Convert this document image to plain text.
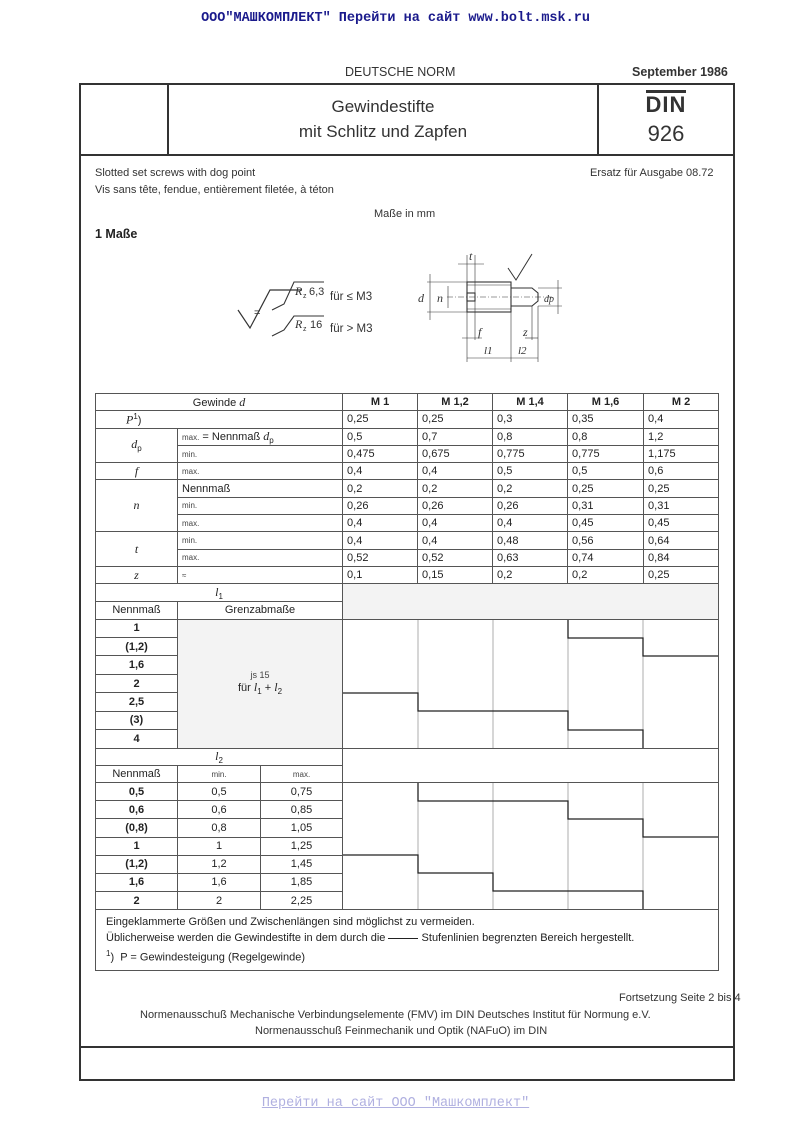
ООО"МАШКОМПЛЕКТ" Перейти на сайт www.bolt.msk.ru
DEUTSCHE NORM	September 1986
Gewindestifte
mit Schlitz und Zapfen
DIN
926
Slotted set screws with dog point
Vis sans tête, fendue, entièrement filetée, à téton
Ersatz für Ausgabe 08.72
Maße in mm
1 Maße
=
R z 6,3 für ≤ M3
R z 16 für > M3
t
d n	dp
f	z
l1 l2
Gewinde d			M 1	M 1,2	M 1,4	M 1,6	M 2
$P^1$)			0,25	0,25	0,3	0,35	0,4
$d_p$	max. = Nennmaß $d_p$		0,5	0,7	0,8	0,8	1,2
	min.		0,475	0,675	0,775	0,775	1,175
f	max.		0,4	0,4	0,5	0,5	0,6
n	Nennmaß		0,2	0,2	0,2	0,25	0,25
	min.		0,26	0,26	0,26	0,31	0,31
	max.		0,4	0,4	0,4	0,45	0,45
t	min.		0,4	0,4	0,48	0,56	0,64
	max.		0,52	0,52	0,63	0,74	0,84
z	≈		0,1	0,15	0,2	0,2	0,25
$l_1$	
Nennmaß	Grenzabmaße						
1	js 15
für $l_1 + l_2$

(1,2)							
1,6							
2							
2,5							
(3)							
4							
$l_2$	
Nennmaß	min.	max.					
0,5	0,5	0,75	

0,6	0,6	0,85					
(0,8)	0,8	1,05					
1	1	1,25					
(1,2)	1,2	1,45					
1,6	1,6	1,85					
2	2	2,25					

Eingeklammerte Größen und Zwischenlängen sind möglichst zu vermeiden.
Üblicherweise werden die Gewindestifte in dem durch die Stufenlinien begrenzten Bereich hergestellt.
$^1$)  P = Gewindesteigung (Regelgewinde)							
Fortsetzung Seite 2 bis 4
Normenausschuß Mechanische Verbindungselemente (FMV) im DIN Deutsches Institut für Normung e.V.
Normenausschuß Feinmechanik und Optik (NAFuO) im DIN
Перейти на сайт ООО "Машкомплект"
